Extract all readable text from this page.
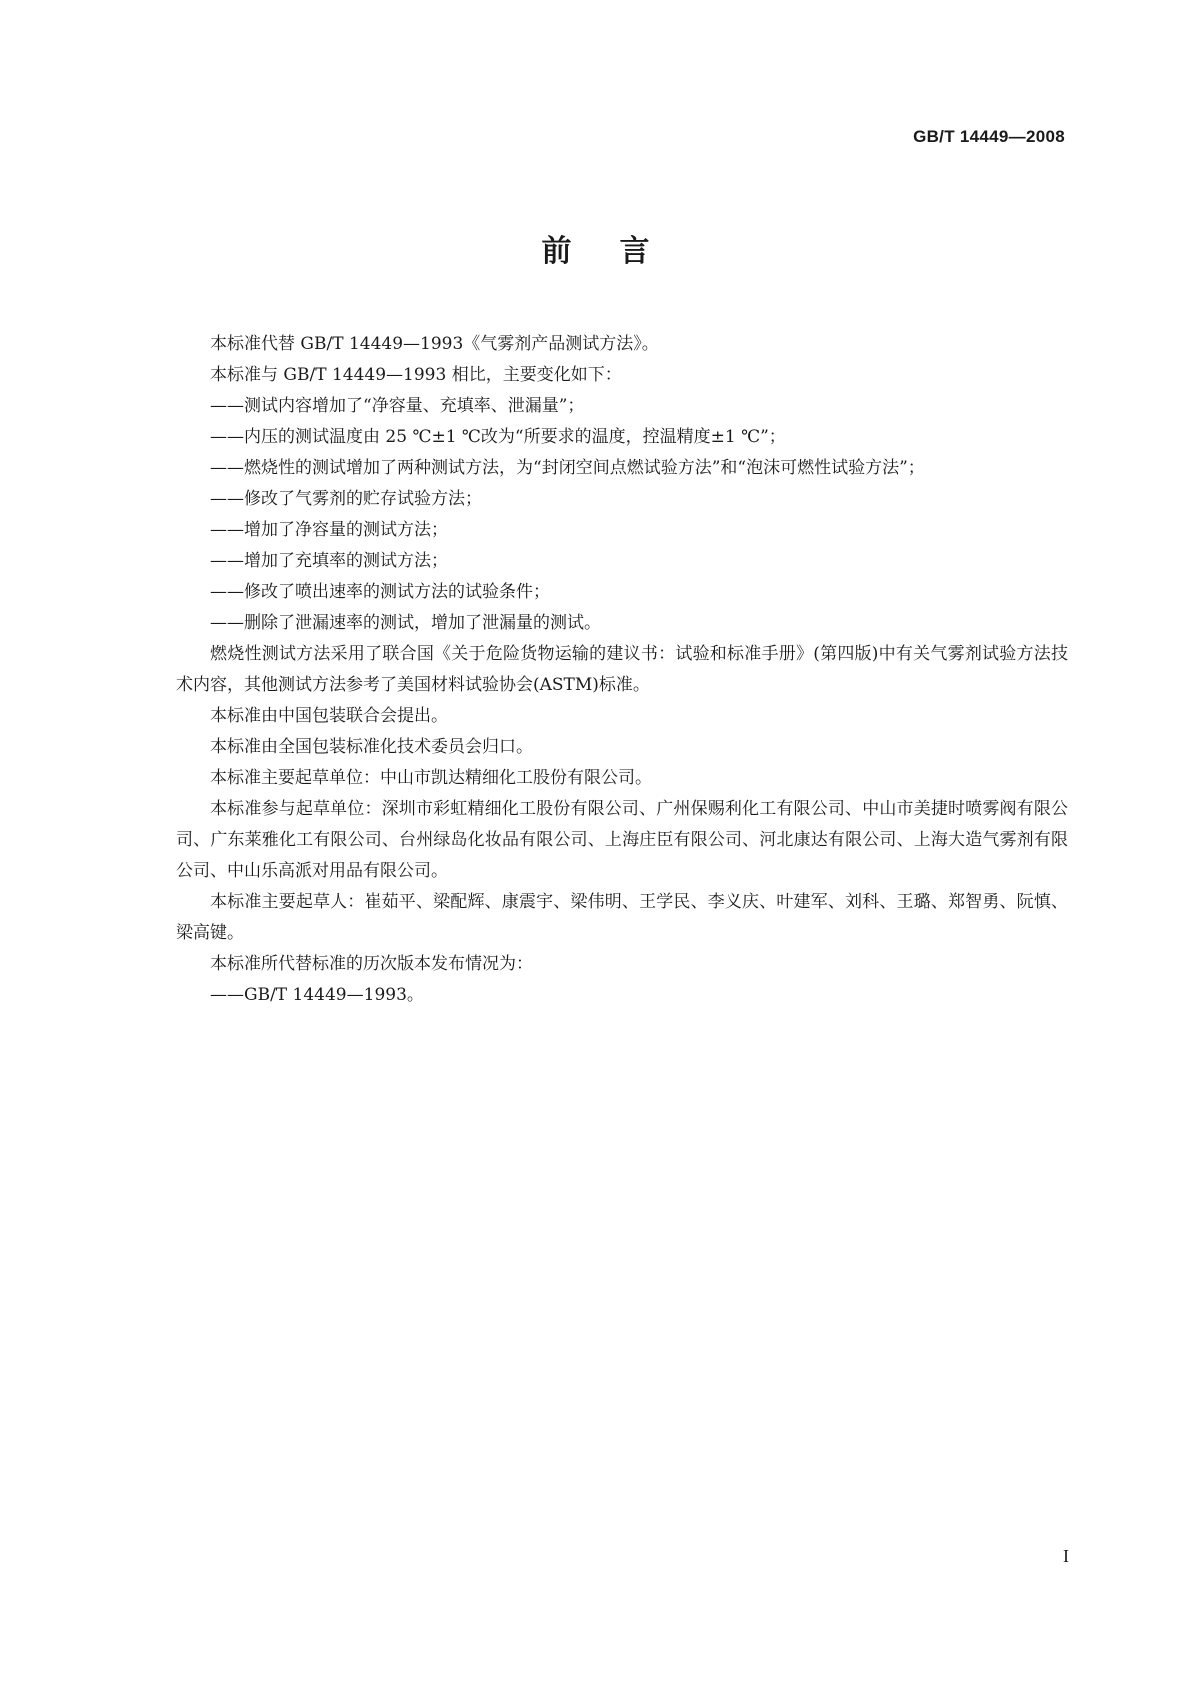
GB/T 14449—2008
前言

本标准代替 GB/T 14449—1993《气雾剂产品测试方法》。

本标准与 GB/T 14449—1993 相比，主要变化如下：

——测试内容增加了“净容量、充填率、泄漏量”；

——内压的测试温度由 25 ℃±1 ℃改为“所要求的温度，控温精度±1 ℃”；

——燃烧性的测试增加了两种测试方法，为“封闭空间点燃试验方法”和“泡沫可燃性试验方法”；

——修改了气雾剂的贮存试验方法；

——增加了净容量的测试方法；

——增加了充填率的测试方法；

——修改了喷出速率的测试方法的试验条件；

——删除了泄漏速率的测试，增加了泄漏量的测试。

燃烧性测试方法采用了联合国《关于危险货物运输的建议书：试验和标准手册》(第四版)中有关气雾剂试验方法技术内容，其他测试方法参考了美国材料试验协会(ASTM)标准。

本标准由中国包装联合会提出。

本标准由全国包装标准化技术委员会归口。

本标准主要起草单位：中山市凯达精细化工股份有限公司。

本标准参与起草单位：深圳市彩虹精细化工股份有限公司、广州保赐利化工有限公司、中山市美捷时喷雾阀有限公司、广东莱雅化工有限公司、台州绿岛化妆品有限公司、上海庄臣有限公司、河北康达有限公司、上海大造气雾剂有限公司、中山乐高派对用品有限公司。

本标准主要起草人：崔茹平、梁配辉、康震宇、梁伟明、王学民、李义庆、叶建军、刘科、王璐、郑智勇、阮慎、梁高键。

本标准所代替标准的历次版本发布情况为：

——GB/T 14449—1993。

I
